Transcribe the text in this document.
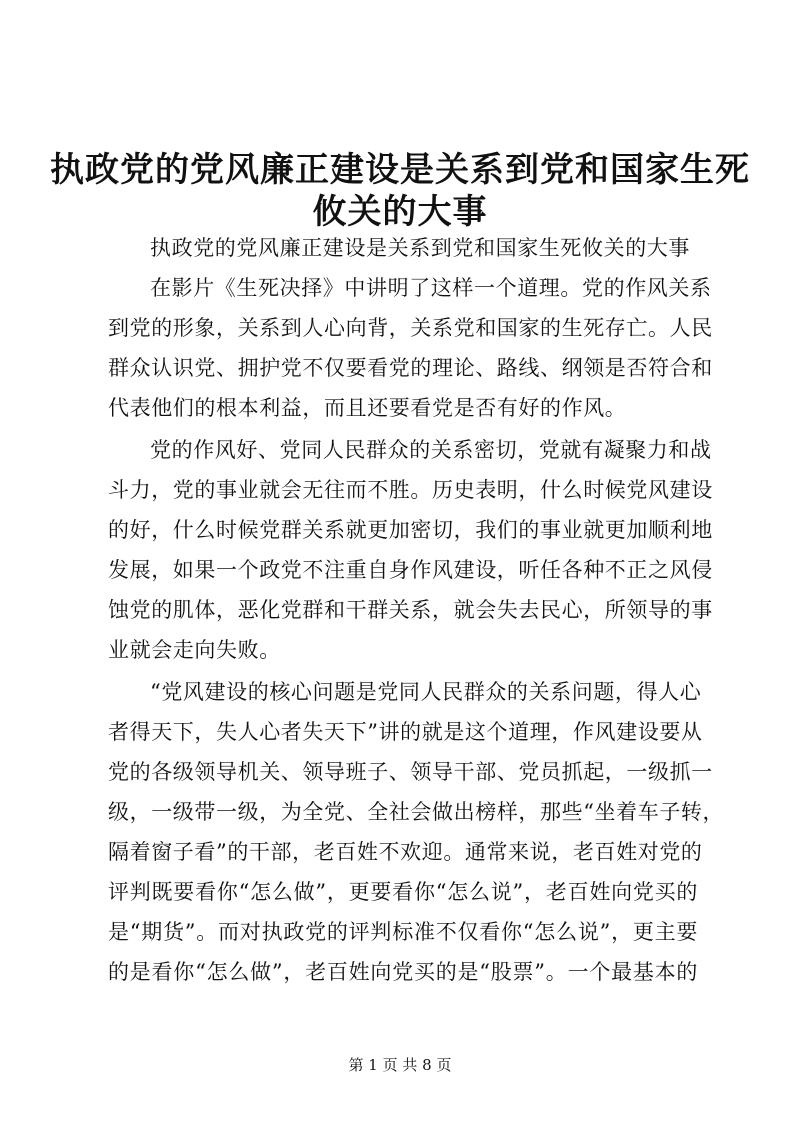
执政党的党风廉正建设是关系到党和国家生死
攸关的大事
执政党的党风廉正建设是关系到党和国家生死攸关的大事
在影片《生死决择》中讲明了这样一个道理。党的作风关系
到党的形象，关系到人心向背，关系党和国家的生死存亡。人民
群众认识党、拥护党不仅要看党的理论、路线、纲领是否符合和
代表他们的根本利益，而且还要看党是否有好的作风。
党的作风好、党同人民群众的关系密切，党就有凝聚力和战
斗力，党的事业就会无往而不胜。历史表明，什么时候党风建设
的好，什么时候党群关系就更加密切，我们的事业就更加顺利地
发展，如果一个政党不注重自身作风建设，听任各种不正之风侵
蚀党的肌体，恶化党群和干群关系，就会失去民心，所领导的事
业就会走向失败。
“党风建设的核心问题是党同人民群众的关系问题，得人心
者得天下，失人心者失天下”讲的就是这个道理，作风建设要从
党的各级领导机关、领导班子、领导干部、党员抓起，一级抓一
级，一级带一级，为全党、全社会做出榜样，那些“坐着车子转，
隔着窗子看”的干部，老百姓不欢迎。通常来说，老百姓对党的
评判既要看你“怎么做”，更要看你“怎么说”，老百姓向党买的
是“期货”。而对执政党的评判标准不仅看你“怎么说”，更主要
的是看你“怎么做”，老百姓向党买的是“股票”。一个最基本的
第 1 页 共 8 页
